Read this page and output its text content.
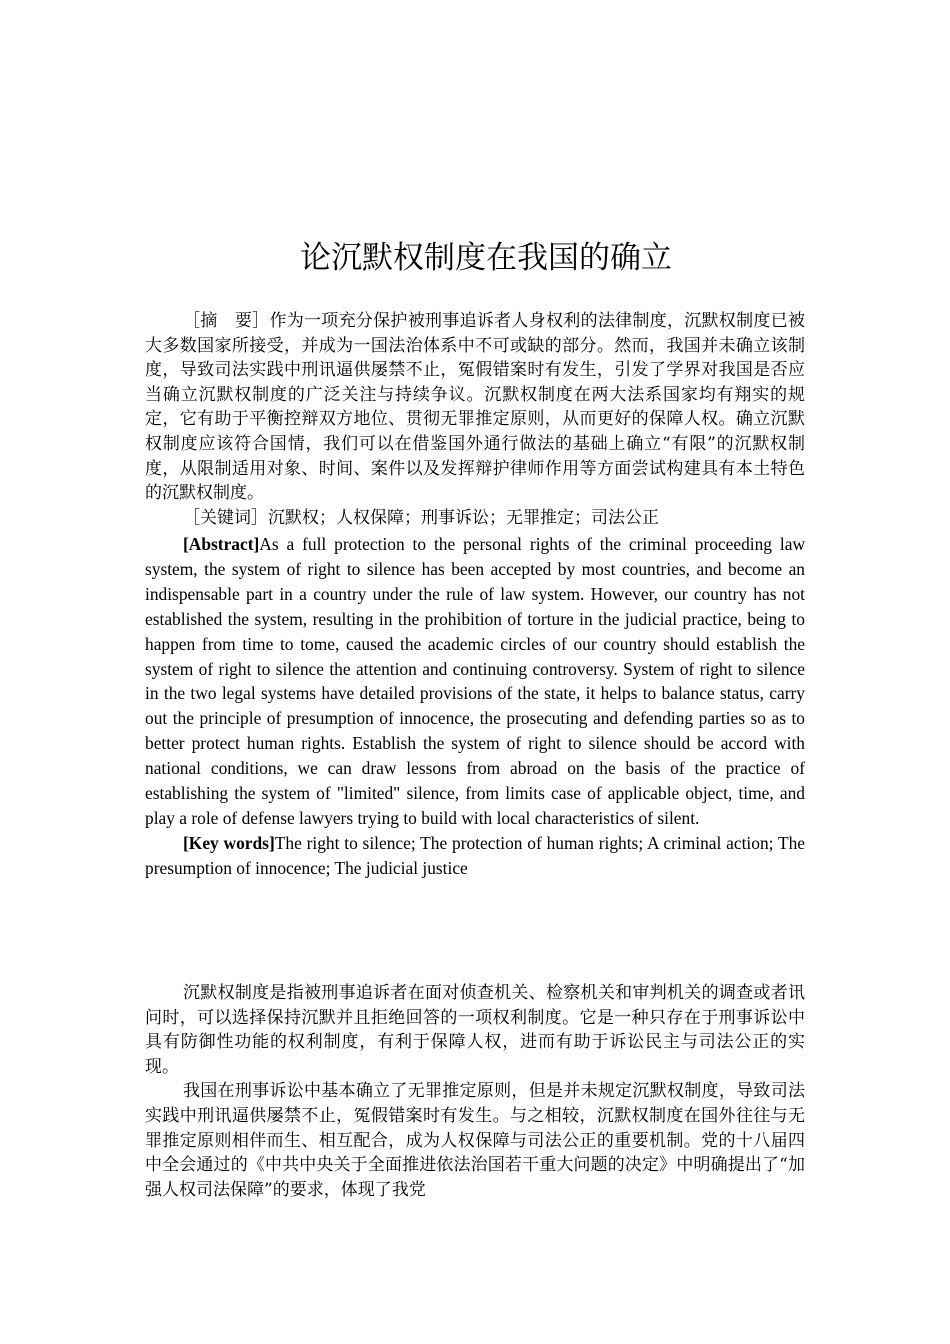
论沉默权制度在我国的确立

［摘　要］作为一项充分保护被刑事追诉者人身权利的法律制度，沉默权制度已被大多数国家所接受，并成为一国法治体系中不可或缺的部分。然而，我国并未确立该制度，导致司法实践中刑讯逼供屡禁不止，冤假错案时有发生，引发了学界对我国是否应当确立沉默权制度的广泛关注与持续争议。沉默权制度在两大法系国家均有翔实的规定，它有助于平衡控辩双方地位、贯彻无罪推定原则，从而更好的保障人权。确立沉默权制度应该符合国情，我们可以在借鉴国外通行做法的基础上确立“有限”的沉默权制度，从限制适用对象、时间、案件以及发挥辩护律师作用等方面尝试构建具有本土特色的沉默权制度。

［关键词］沉默权；人权保障；刑事诉讼；无罪推定；司法公正

[Abstract]As a full protection to the personal rights of the criminal proceeding law system, the system of right to silence has been accepted by most countries, and become an indispensable part in a country under the rule of law system. However, our country has not established the system, resulting in the prohibition of torture in the judicial practice, being to happen from time to tome, caused the academic circles of our country should establish the system of right to silence the attention and continuing controversy. System of right to silence in the two legal systems have detailed provisions of the state, it helps to balance status, carry out the principle of presumption of innocence, the prosecuting and defending parties so as to better protect human rights. Establish the system of right to silence should be accord with national conditions, we can draw lessons from abroad on the basis of the practice of establishing the system of "limited" silence, from limits case of applicable object, time, and play a role of defense lawyers trying to build with local characteristics of silent.

[Key words]The right to silence; The protection of human rights; A criminal action; The presumption of innocence; The judicial justice

沉默权制度是指被刑事追诉者在面对侦查机关、检察机关和审判机关的调查或者讯问时，可以选择保持沉默并且拒绝回答的一项权利制度。它是一种只存在于刑事诉讼中具有防御性功能的权利制度，有利于保障人权，进而有助于诉讼民主与司法公正的实现。

我国在刑事诉讼中基本确立了无罪推定原则，但是并未规定沉默权制度，导致司法实践中刑讯逼供屡禁不止，冤假错案时有发生。与之相较，沉默权制度在国外往往与无罪推定原则相伴而生、相互配合，成为人权保障与司法公正的重要机制。党的十八届四中全会通过的《中共中央关于全面推进依法治国若干重大问题的决定》中明确提出了“加强人权司法保障”的要求，体现了我党
